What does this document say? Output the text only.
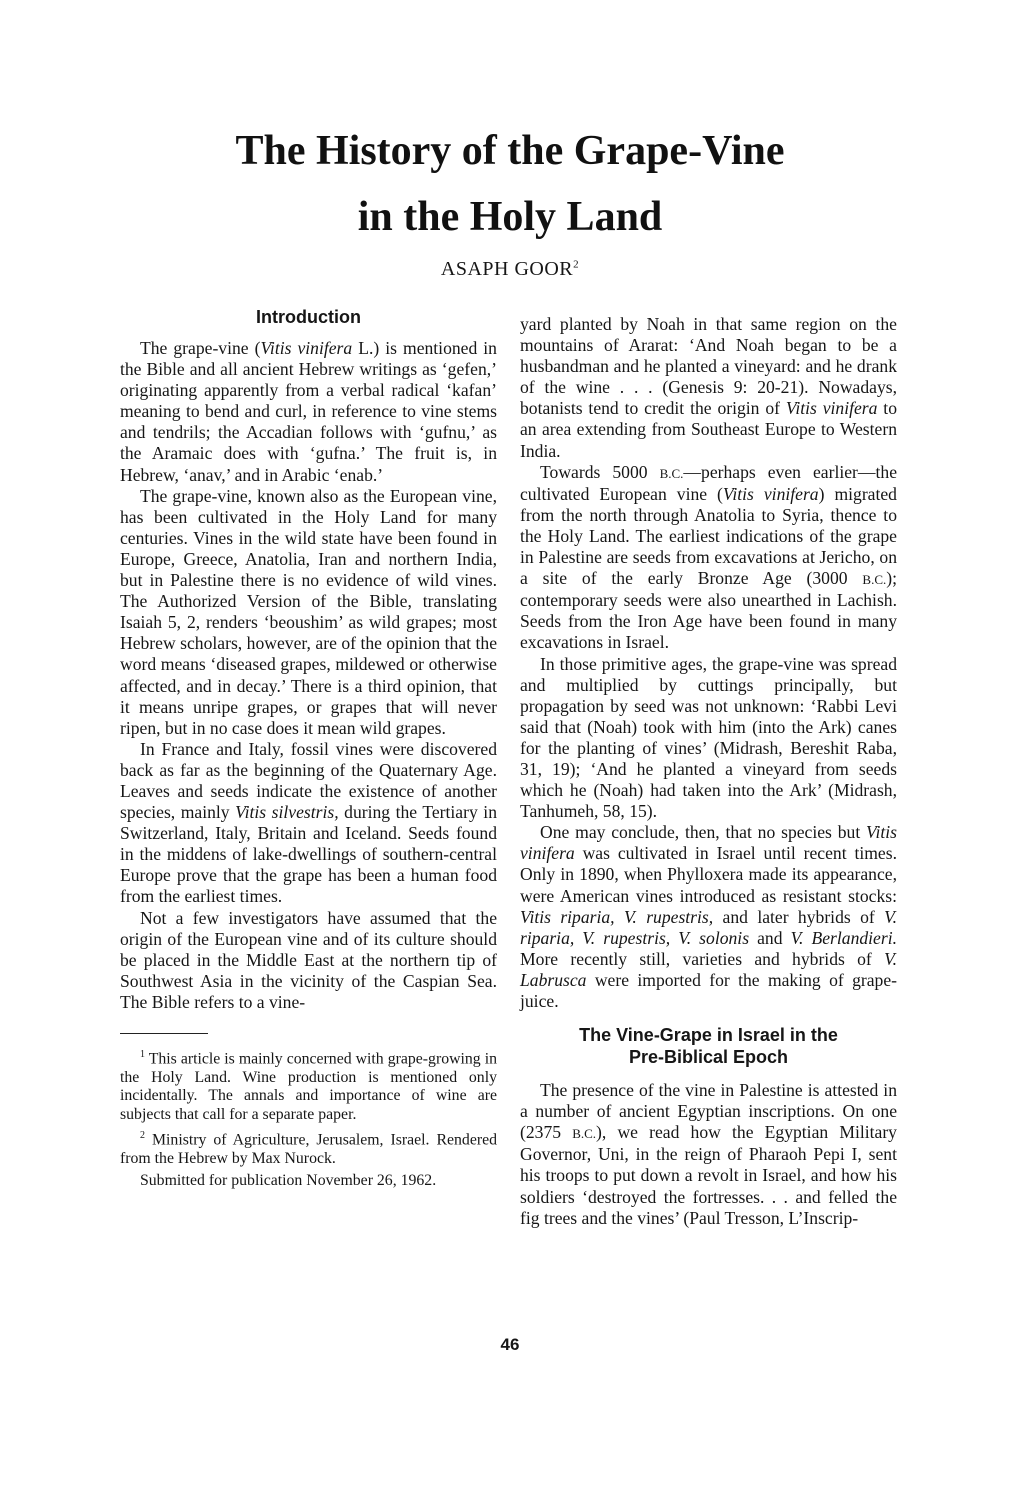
The History of the Grape-Vine
in the Holy Land
ASAPH GOOR$^2$
Introduction

The grape-vine (Vitis vinifera L.) is mentioned in the Bible and all ancient Hebrew writings as ‘gefen,’ originating apparently from a verbal radical ‘kafan’ meaning to bend and curl, in reference to vine stems and tendrils; the Accadian follows with ‘gufnu,’ as the Aramaic does with ‘gufna.’ The fruit is, in Hebrew, ‘anav,’ and in Arabic ‘enab.’

The grape-vine, known also as the European vine, has been cultivated in the Holy Land for many centuries. Vines in the wild state have been found in Europe, Greece, Anatolia, Iran and northern India, but in Palestine there is no evidence of wild vines. The Authorized Version of the Bible, translating Isaiah 5, 2, renders ‘beoushim’ as wild grapes; most Hebrew scholars, however, are of the opinion that the word means ‘diseased grapes, mildewed or otherwise affected, and in decay.’ There is a third opinion, that it means unripe grapes, or grapes that will never ripen, but in no case does it mean wild grapes.

In France and Italy, fossil vines were discovered back as far as the beginning of the Quaternary Age. Leaves and seeds indicate the existence of another species, mainly Vitis silvestris, during the Tertiary in Switzerland, Italy, Britain and Iceland. Seeds found in the middens of lake-dwellings of southern-central Europe prove that the grape has been a human food from the earliest times.

Not a few investigators have assumed that the origin of the European vine and of its culture should be placed in the Middle East at the northern tip of Southwest Asia in the vicinity of the Caspian Sea. The Bible refers to a vine-

$^1$ This article is mainly concerned with grape-growing in the Holy Land. Wine production is mentioned only incidentally. The annals and importance of wine are subjects that call for a separate paper.

$^2$ Ministry of Agriculture, Jerusalem, Israel. Rendered from the Hebrew by Max Nurock.

Submitted for publication November 26, 1962.

yard planted by Noah in that same region on the mountains of Ararat: ‘And Noah began to be a husbandman and he planted a vineyard: and he drank of the wine . . . (Genesis 9: 20-21). Nowadays, botanists tend to credit the origin of Vitis vinifera to an area extending from Southeast Europe to Western India.

Towards 5000 B.C.—perhaps even earlier—the cultivated European vine (Vitis vinifera) migrated from the north through Anatolia to Syria, thence to the Holy Land. The earliest indications of the grape in Palestine are seeds from excavations at Jericho, on a site of the early Bronze Age (3000 B.C.); contemporary seeds were also unearthed in Lachish. Seeds from the Iron Age have been found in many excavations in Israel.

In those primitive ages, the grape-vine was spread and multiplied by cuttings principally, but propagation by seed was not unknown: ‘Rabbi Levi said that (Noah) took with him (into the Ark) canes for the planting of vines’ (Midrash, Bereshit Raba, 31, 19); ‘And he planted a vineyard from seeds which he (Noah) had taken into the Ark’ (Midrash, Tanhumeh, 58, 15).

One may conclude, then, that no species but Vitis vinifera was cultivated in Israel until recent times. Only in 1890, when Phylloxera made its appearance, were American vines introduced as resistant stocks: Vitis riparia, V. rupestris, and later hybrids of V. riparia, V. rupestris, V. solonis and V. Berlandieri. More recently still, varieties and hybrids of V. Labrusca were imported for the making of grape-juice.

The Vine-Grape in Israel in the
Pre-Biblical Epoch

The presence of the vine in Palestine is attested in a number of ancient Egyptian inscriptions. On one (2375 B.C.), we read how the Egyptian Military Governor, Uni, in the reign of Pharaoh Pepi I, sent his troops to put down a revolt in Israel, and how his soldiers ‘destroyed the fortresses. . . and felled the fig trees and the vines’ (Paul Tresson, L’Inscrip-

46
